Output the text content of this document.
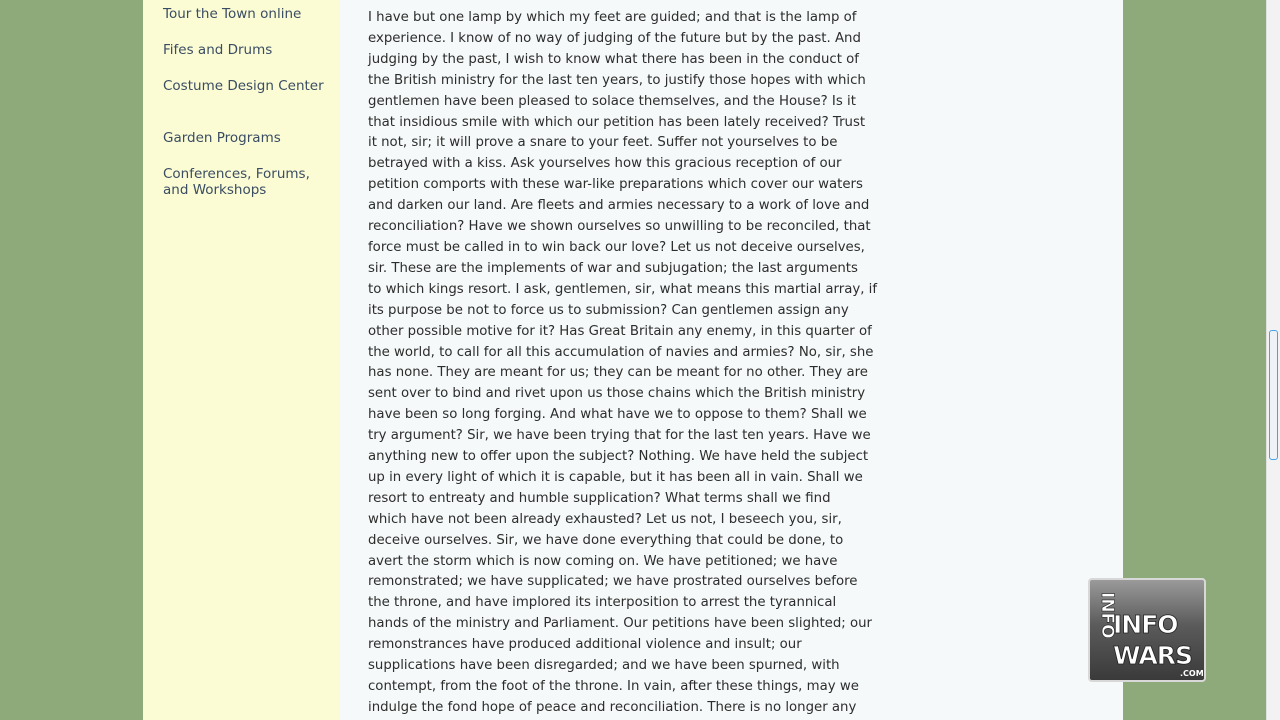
Tour the Town online
Fifes and Drums
Costume Design Center
Garden Programs
Conferences, Forums, and Workshops

I have but one lamp by which my feet are guided; and that is the lamp of
experience. I know of no way of judging of the future but by the past. And
judging by the past, I wish to know what there has been in the conduct of
the British ministry for the last ten years, to justify those hopes with which
gentlemen have been pleased to solace themselves, and the House? Is it
that insidious smile with which our petition has been lately received? Trust
it not, sir; it will prove a snare to your feet. Suffer not yourselves to be
betrayed with a kiss. Ask yourselves how this gracious reception of our
petition comports with these war-like preparations which cover our waters
and darken our land. Are fleets and armies necessary to a work of love and
reconciliation? Have we shown ourselves so unwilling to be reconciled, that
force must be called in to win back our love? Let us not deceive ourselves,
sir. These are the implements of war and subjugation; the last arguments
to which kings resort. I ask, gentlemen, sir, what means this martial array, if
its purpose be not to force us to submission? Can gentlemen assign any
other possible motive for it? Has Great Britain any enemy, in this quarter of
the world, to call for all this accumulation of navies and armies? No, sir, she
has none. They are meant for us; they can be meant for no other. They are
sent over to bind and rivet upon us those chains which the British ministry
have been so long forging. And what have we to oppose to them? Shall we
try argument? Sir, we have been trying that for the last ten years. Have we
anything new to offer upon the subject? Nothing. We have held the subject
up in every light of which it is capable, but it has been all in vain. Shall we
resort to entreaty and humble supplication? What terms shall we find
which have not been already exhausted? Let us not, I beseech you, sir,
deceive ourselves. Sir, we have done everything that could be done, to
avert the storm which is now coming on. We have petitioned; we have
remonstrated; we have supplicated; we have prostrated ourselves before
the throne, and have implored its interposition to arrest the tyrannical
hands of the ministry and Parliament. Our petitions have been slighted; our
remonstrances have produced additional violence and insult; our
supplications have been disregarded; and we have been spurned, with
contempt, from the foot of the throne. In vain, after these things, may we
indulge the fond hope of peace and reconciliation. There is no longer any

INFO
INFO
WARS
.COM
